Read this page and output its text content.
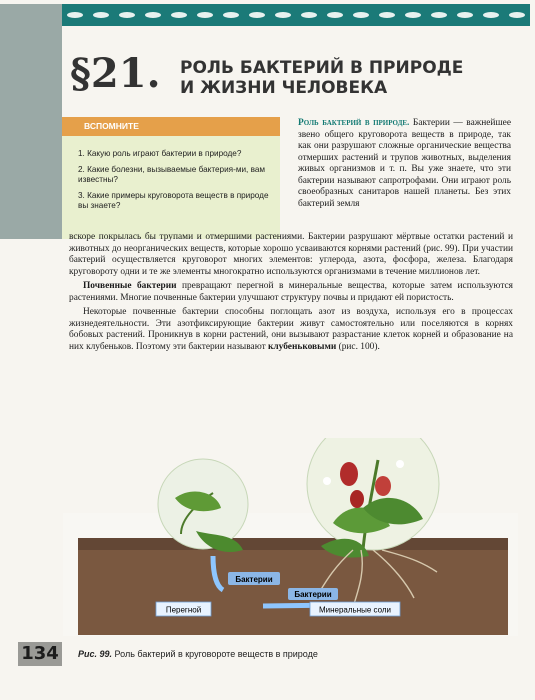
§21. РОЛЬ БАКТЕРИЙ В ПРИРОДЕ
И ЖИЗНИ ЧЕЛОВЕКА
ВСПОМНИТЕ
1. Какую роль играют бактерии в природе?
2. Какие болезни, вызываемые бактерия-ми, вам известны?
3. Какие примеры круговорота веществ в природе вы знаете?
Роль бактерий в природе. Бактерии — важнейшее звено общего круговорота веществ в природе, так как они разрушают сложные органические вещества отмерших растений и трупов животных, выделения живых организмов и т. п. Вы уже знаете, что эти бактерии называют сапротрофами. Они играют роль своеобразных санитаров нашей планеты. Без этих бактерий земля

вскоре покрылась бы трупами и отмершими растениями. Бактерии разрушают мёртвые остатки растений и животных до неорганических веществ, которые хорошо усваиваются корнями растений (рис. 99). При участии бактерий осуществляется круговорот многих элементов: углерода, азота, фосфора, железа. Благодаря круговороту одни и те же элементы многократно используются организмами в течение миллионов лет.

Почвенные бактерии превращают перегной в минеральные вещества, которые затем используются растениями. Многие почвенные бактерии улучшают структуру почвы и придают ей пористость.

Некоторые почвенные бактерии способны поглощать азот из воздуха, используя его в процессах жизнедеятельности. Эти азотфиксирующие бактерии живут самостоятельно или поселяются в корнях бобовых растений. Проникнув в корни растений, они вызывают разрастание клеток корней и образование на них клубеньков. Поэтому эти бактерии называют клубеньковыми (рис. 100).

Бактерии
Бактерии
Перегной	Минеральные соли
134	Рис. 99. Роль бактерий в круговороте веществ в природе
